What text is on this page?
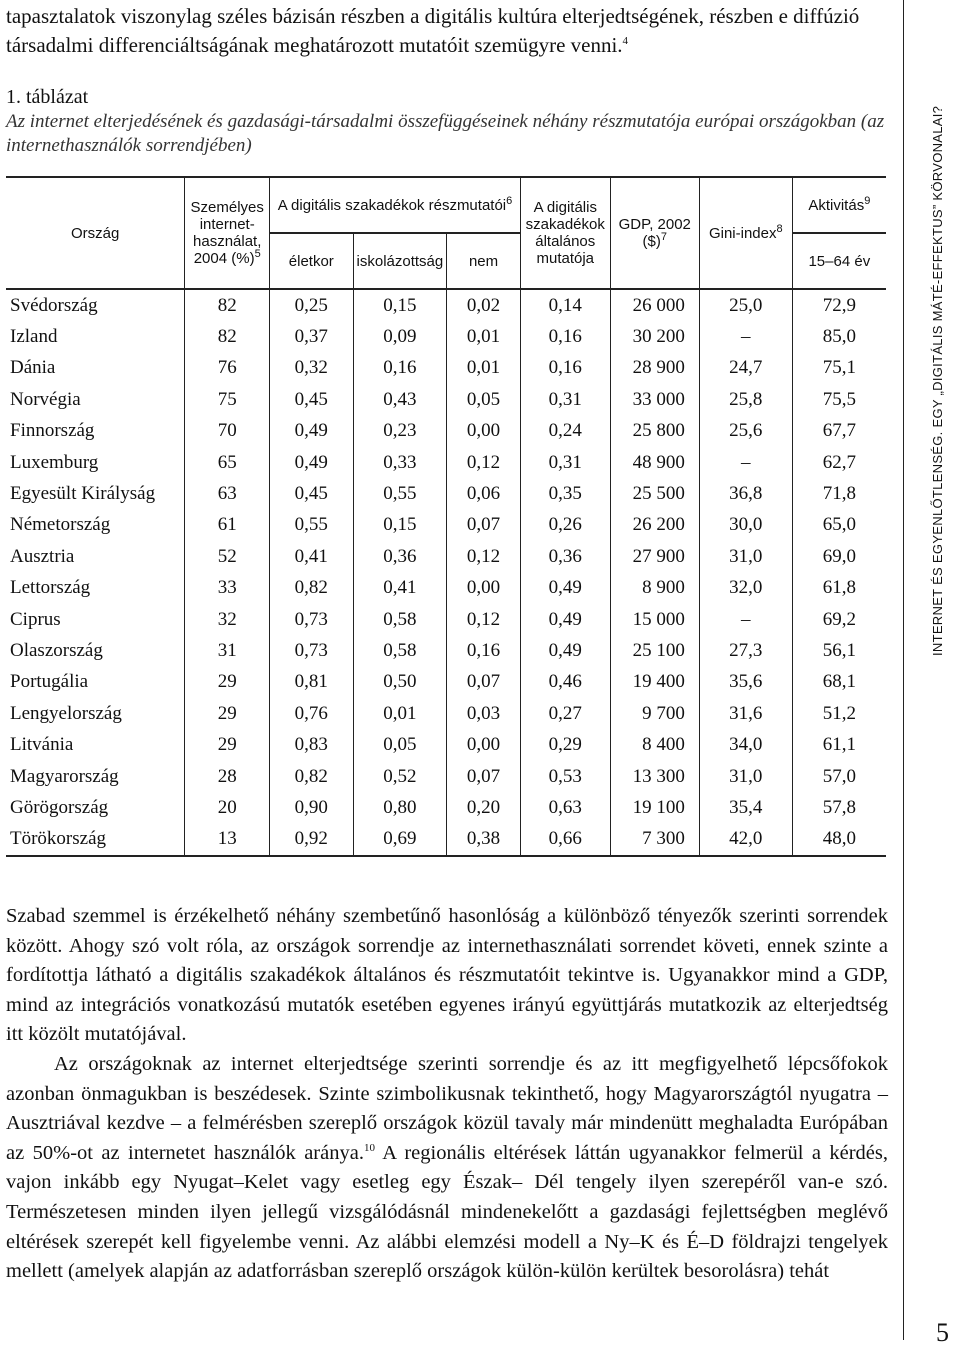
tapasztalatok viszonylag széles bázisán részben a digitális kultúra elterjedtségének, részben e diffúzió társadalmi differenciáltságának meghatározott mutatóit szemügyre venni.$^4$

1. táblázat
Az internet elterjedésének és gazdasági-társadalmi összefüggéseinek néhány részmutatója európai országokban (az internethasználók sorrendjében)
Ország	Személyes internet-használat, 2004 (%)$^5$	A digitális szakadékok részmutatói$^6$			A digitális szakadékok általános mutatója	GDP, 2002 ($)$^7$	Gini-index$^8$	Aktivitás$^9$
		életkor	iskolázottság	nem				15–64 év
Svédország	82	0,25	0,15	0,02	0,14	26 000	25,0	72,9
Izland	82	0,37	0,09	0,01	0,16	30 200	–	85,0
Dánia	76	0,32	0,16	0,01	0,16	28 900	24,7	75,1
Norvégia	75	0,45	0,43	0,05	0,31	33 000	25,8	75,5
Finnország	70	0,49	0,23	0,00	0,24	25 800	25,6	67,7
Luxemburg	65	0,49	0,33	0,12	0,31	48 900	–	62,7
Egyesült Királyság	63	0,45	0,55	0,06	0,35	25 500	36,8	71,8
Németország	61	0,55	0,15	0,07	0,26	26 200	30,0	65,0
Ausztria	52	0,41	0,36	0,12	0,36	27 900	31,0	69,0
Lettország	33	0,82	0,41	0,00	0,49	8 900	32,0	61,8
Ciprus	32	0,73	0,58	0,12	0,49	15 000	–	69,2
Olaszország	31	0,73	0,58	0,16	0,49	25 100	27,3	56,1
Portugália	29	0,81	0,50	0,07	0,46	19 400	35,6	68,1
Lengyelország	29	0,76	0,01	0,03	0,27	9 700	31,6	51,2
Litvánia	29	0,83	0,05	0,00	0,29	8 400	34,0	61,1
Magyarország	28	0,82	0,52	0,07	0,53	13 300	31,0	57,0
Görögország	20	0,90	0,80	0,20	0,63	19 100	35,4	57,8
Törökország	13	0,92	0,69	0,38	0,66	7 300	42,0	48,0

Szabad szemmel is érzékelhető néhány szembetűnő hasonlóság a különböző tényezők szerinti sorrendek között. Ahogy szó volt róla, az országok sorrendje az internethasználati sorrendet követi, ennek szinte a fordítottja látható a digitális szakadékok általános és részmutatóit tekintve is. Ugyanakkor mind a GDP, mind az integrációs vonatkozású mutatók esetében egyenes irányú együttjárás mutatkozik az elterjedtség itt közölt mutatójával.

Az országoknak az internet elterjedtsége szerinti sorrendje és az itt megfigyelhető lépcsőfokok azonban önmagukban is beszédesek. Szinte szimbolikusnak tekinthető, hogy Magyarországtól nyugatra – Ausztriával kezdve – a felmérésben szereplő országok közül tavaly már mindenütt meghaladta Európában az 50%-ot az internetet használók aránya.$^{10}$ A regionális eltérések láttán ugyanakkor felmerül a kérdés, vajon inkább egy Nyugat–Kelet vagy esetleg egy Észak– Dél tengely ilyen szerepéről van-e szó. Természetesen minden ilyen jellegű vizsgálódásnál mindenekelőtt a gazdasági fejlettségben meglévő eltérések szerepét kell figyelembe venni. Az alábbi elemzési modell a Ny–K és É–D földrajzi tengelyek mellett (amelyek alapján az adatforrásban szereplő országok külön-külön kerültek besorolásra) tehát

INTERNET ÉS EGYENLŐTLENSÉG. EGY „DIGITÁLIS MÁTÉ-EFFEKTUS” KÖRVONALAI?
5
